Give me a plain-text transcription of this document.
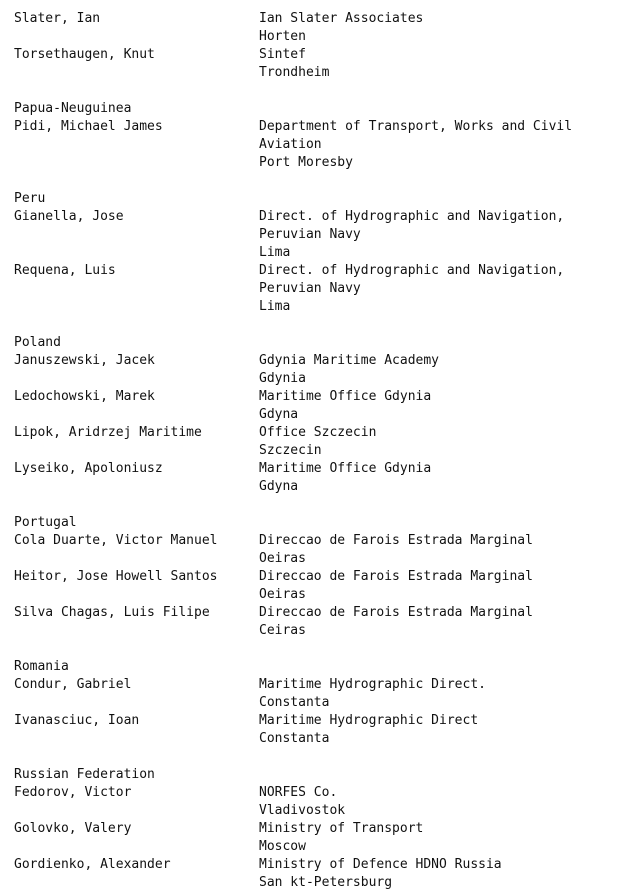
Slater, Ian	Ian Slater Associates
Horten
Torsethaugen, Knut	Sintef
Trondheim
Papua-Neuguinea
Pidi, Michael James	Department of Transport, Works and Civil
Aviation
Port Moresby
Peru
Gianella, Jose	Direct. of Hydrographic and Navigation,
Peruvian Navy
Lima
Requena, Luis	Direct. of Hydrographic and Navigation,
Peruvian Navy
Lima
Poland
Januszewski, Jacek	Gdynia Maritime Academy
Gdynia
Ledochowski, Marek	Maritime Office Gdynia
Gdyna
Lipok, Aridrzej Maritime	Office Szczecin
Szczecin
Lyseiko, Apoloniusz	Maritime Office Gdynia
Gdyna
Portugal
Cola Duarte, Victor Manuel	Direccao de Farois Estrada Marginal
Oeiras
Heitor, Jose Howell Santos	Direccao de Farois Estrada Marginal
Oeiras
Silva Chagas, Luis Filipe	Direccao de Farois Estrada Marginal
Ceiras
Romania
Condur, Gabriel	Maritime Hydrographic Direct.
Constanta
Ivanasciuc, Ioan	Maritime Hydrographic Direct
Constanta
Russian Federation
Fedorov, Victor	NORFES Co.
Vladivostok
Golovko, Valery	Ministry of Transport
Moscow
Gordienko, Alexander	Ministry of Defence HDNO Russia
San kt-Petersburg
